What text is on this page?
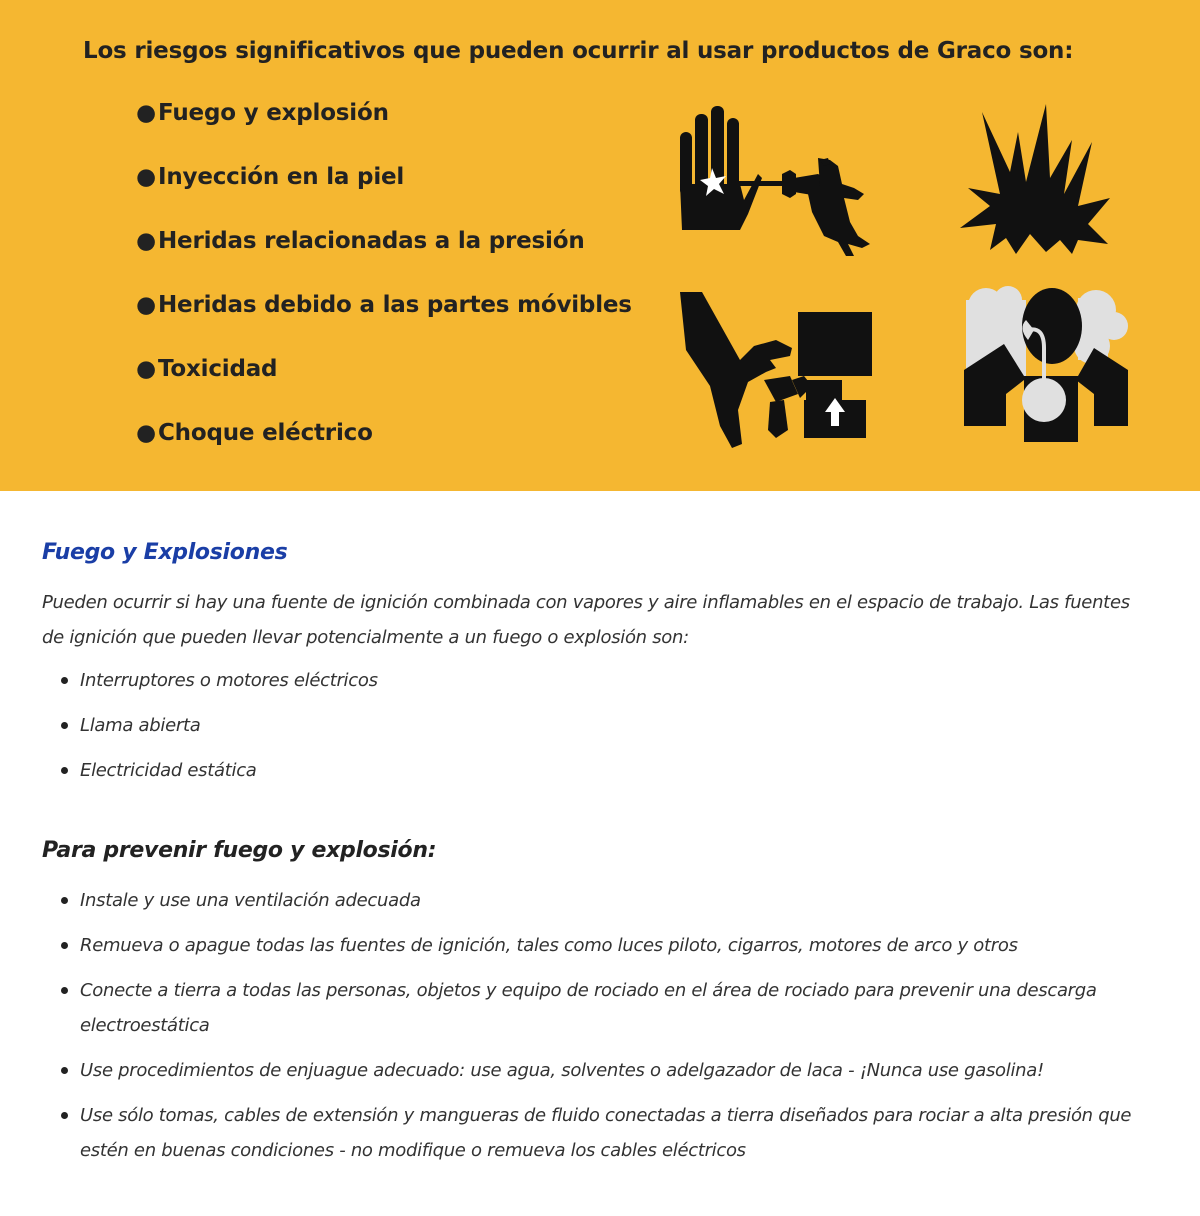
Los riesgos significativos que pueden ocurrir al usar productos de Graco son:
● Fuego y explosión
● Inyección en la piel
● Heridas relacionadas a la presión
● Heridas debido a las partes móvibles
● Toxicidad
● Choque eléctrico
Fuego y Explosiones

Pueden ocurrir si hay una fuente de ignición combinada con vapores y aire inflamables en el espacio de trabajo. Las fuentes de ignición que pueden llevar potencialmente a un fuego o explosión son:

Interruptores o motores eléctricos
Llama abierta
Electricidad estática
Para prevenir fuego y explosión:
Instale y use una ventilación adecuada
Remueva o apague todas las fuentes de ignición, tales como luces piloto, cigarros, motores de arco y otros
Conecte a tierra a todas las personas, objetos y equipo de rociado en el área de rociado para prevenir una descarga electroestática
Use procedimientos de enjuague adecuado: use agua, solventes o adelgazador de laca - ¡Nunca use gasolina!
Use sólo tomas, cables de extensión y mangueras de fluido conectadas a tierra diseñados para rociar a alta presión que estén en buenas condiciones - no modifique o remueva los cables eléctricos
